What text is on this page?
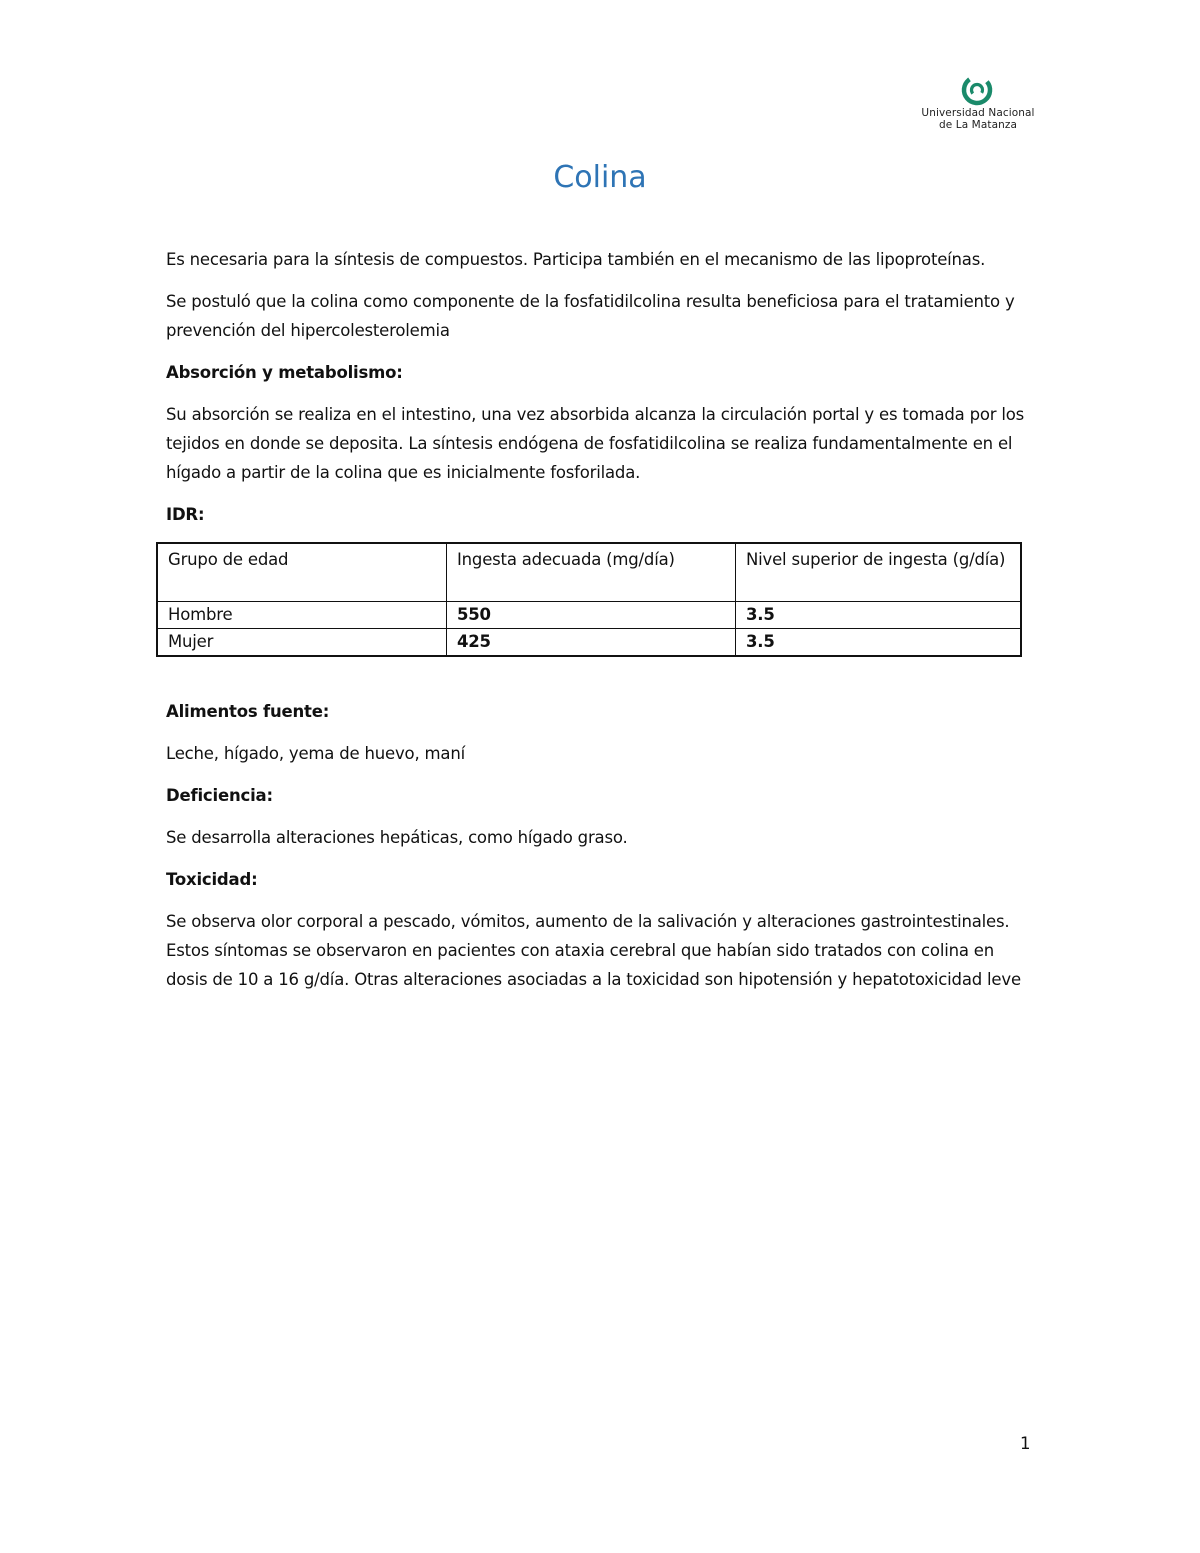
Universidad Nacional
de La Matanza
Colina

Es necesaria para la síntesis de compuestos. Participa también en el mecanismo de las lipoproteínas.

Se postuló que la colina como componente de la fosfatidilcolina resulta beneficiosa para el tratamiento y prevención del hipercolesterolemia

Absorción y metabolismo:

Su absorción se realiza en el intestino, una vez absorbida alcanza la circulación portal y es tomada por los tejidos en donde se deposita. La síntesis endógena de fosfatidilcolina se realiza fundamentalmente en el hígado a partir de la colina que es inicialmente fosforilada.

IDR:

Grupo de edad	Ingesta adecuada (mg/día)	Nivel superior de ingesta (g/día)
Hombre	550	3.5
Mujer	425	3.5

Alimentos fuente:

Leche, hígado, yema de huevo, maní

Deficiencia:

Se desarrolla alteraciones hepáticas, como hígado graso.

Toxicidad:

Se observa olor corporal a pescado, vómitos, aumento de la salivación y alteraciones gastrointestinales. Estos síntomas se observaron en pacientes con ataxia cerebral que habían sido tratados con colina en dosis de 10 a 16 g/día. Otras alteraciones asociadas a la toxicidad son hipotensión y hepatotoxicidad leve

1
